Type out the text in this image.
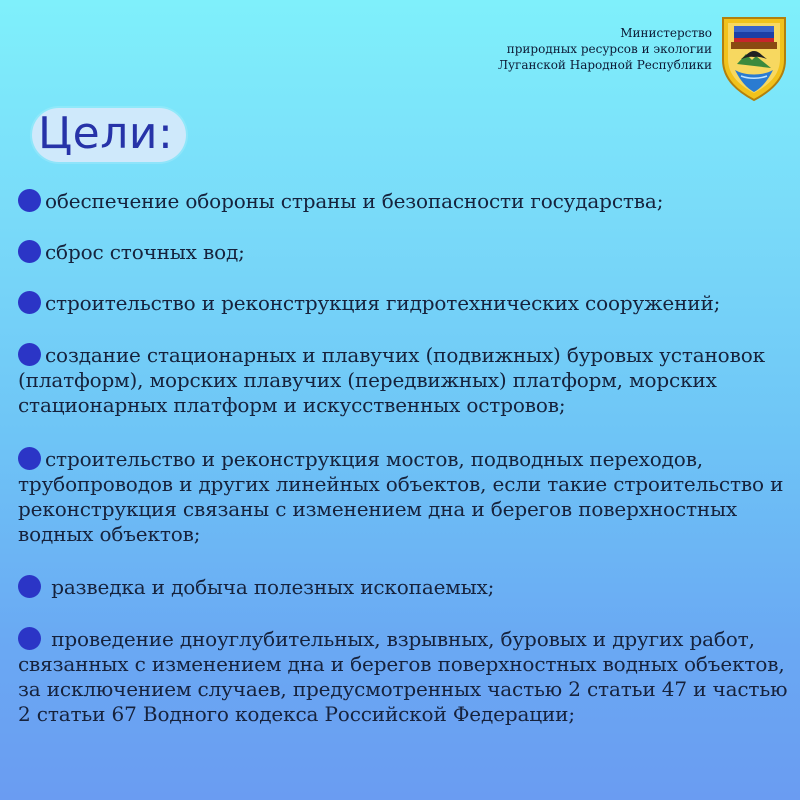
Министерство
природных ресурсов и экологии
Луганской Народной Республики
Цели:
обеспечение обороны страны и безопасности государства;
сброс сточных вод;
строительство и реконструкция гидротехнических сооружений;
создание стационарных и плавучих (подвижных) буровых установок (платформ), морских плавучих (передвижных) платформ, морских стационарных платформ и искусственных островов;
строительство и реконструкция мостов, подводных переходов, трубопроводов и других линейных объектов, если такие строительство и реконструкция связаны с изменением дна и берегов поверхностных водных объектов;
разведка и добыча полезных ископаемых;
проведение дноуглубительных, взрывных, буровых и других работ, связанных с изменением дна и берегов поверхностных водных объектов, за исключением случаев, предусмотренных частью 2 статьи 47 и частью 2 статьи 67 Водного кодекса Российской Федерации;
